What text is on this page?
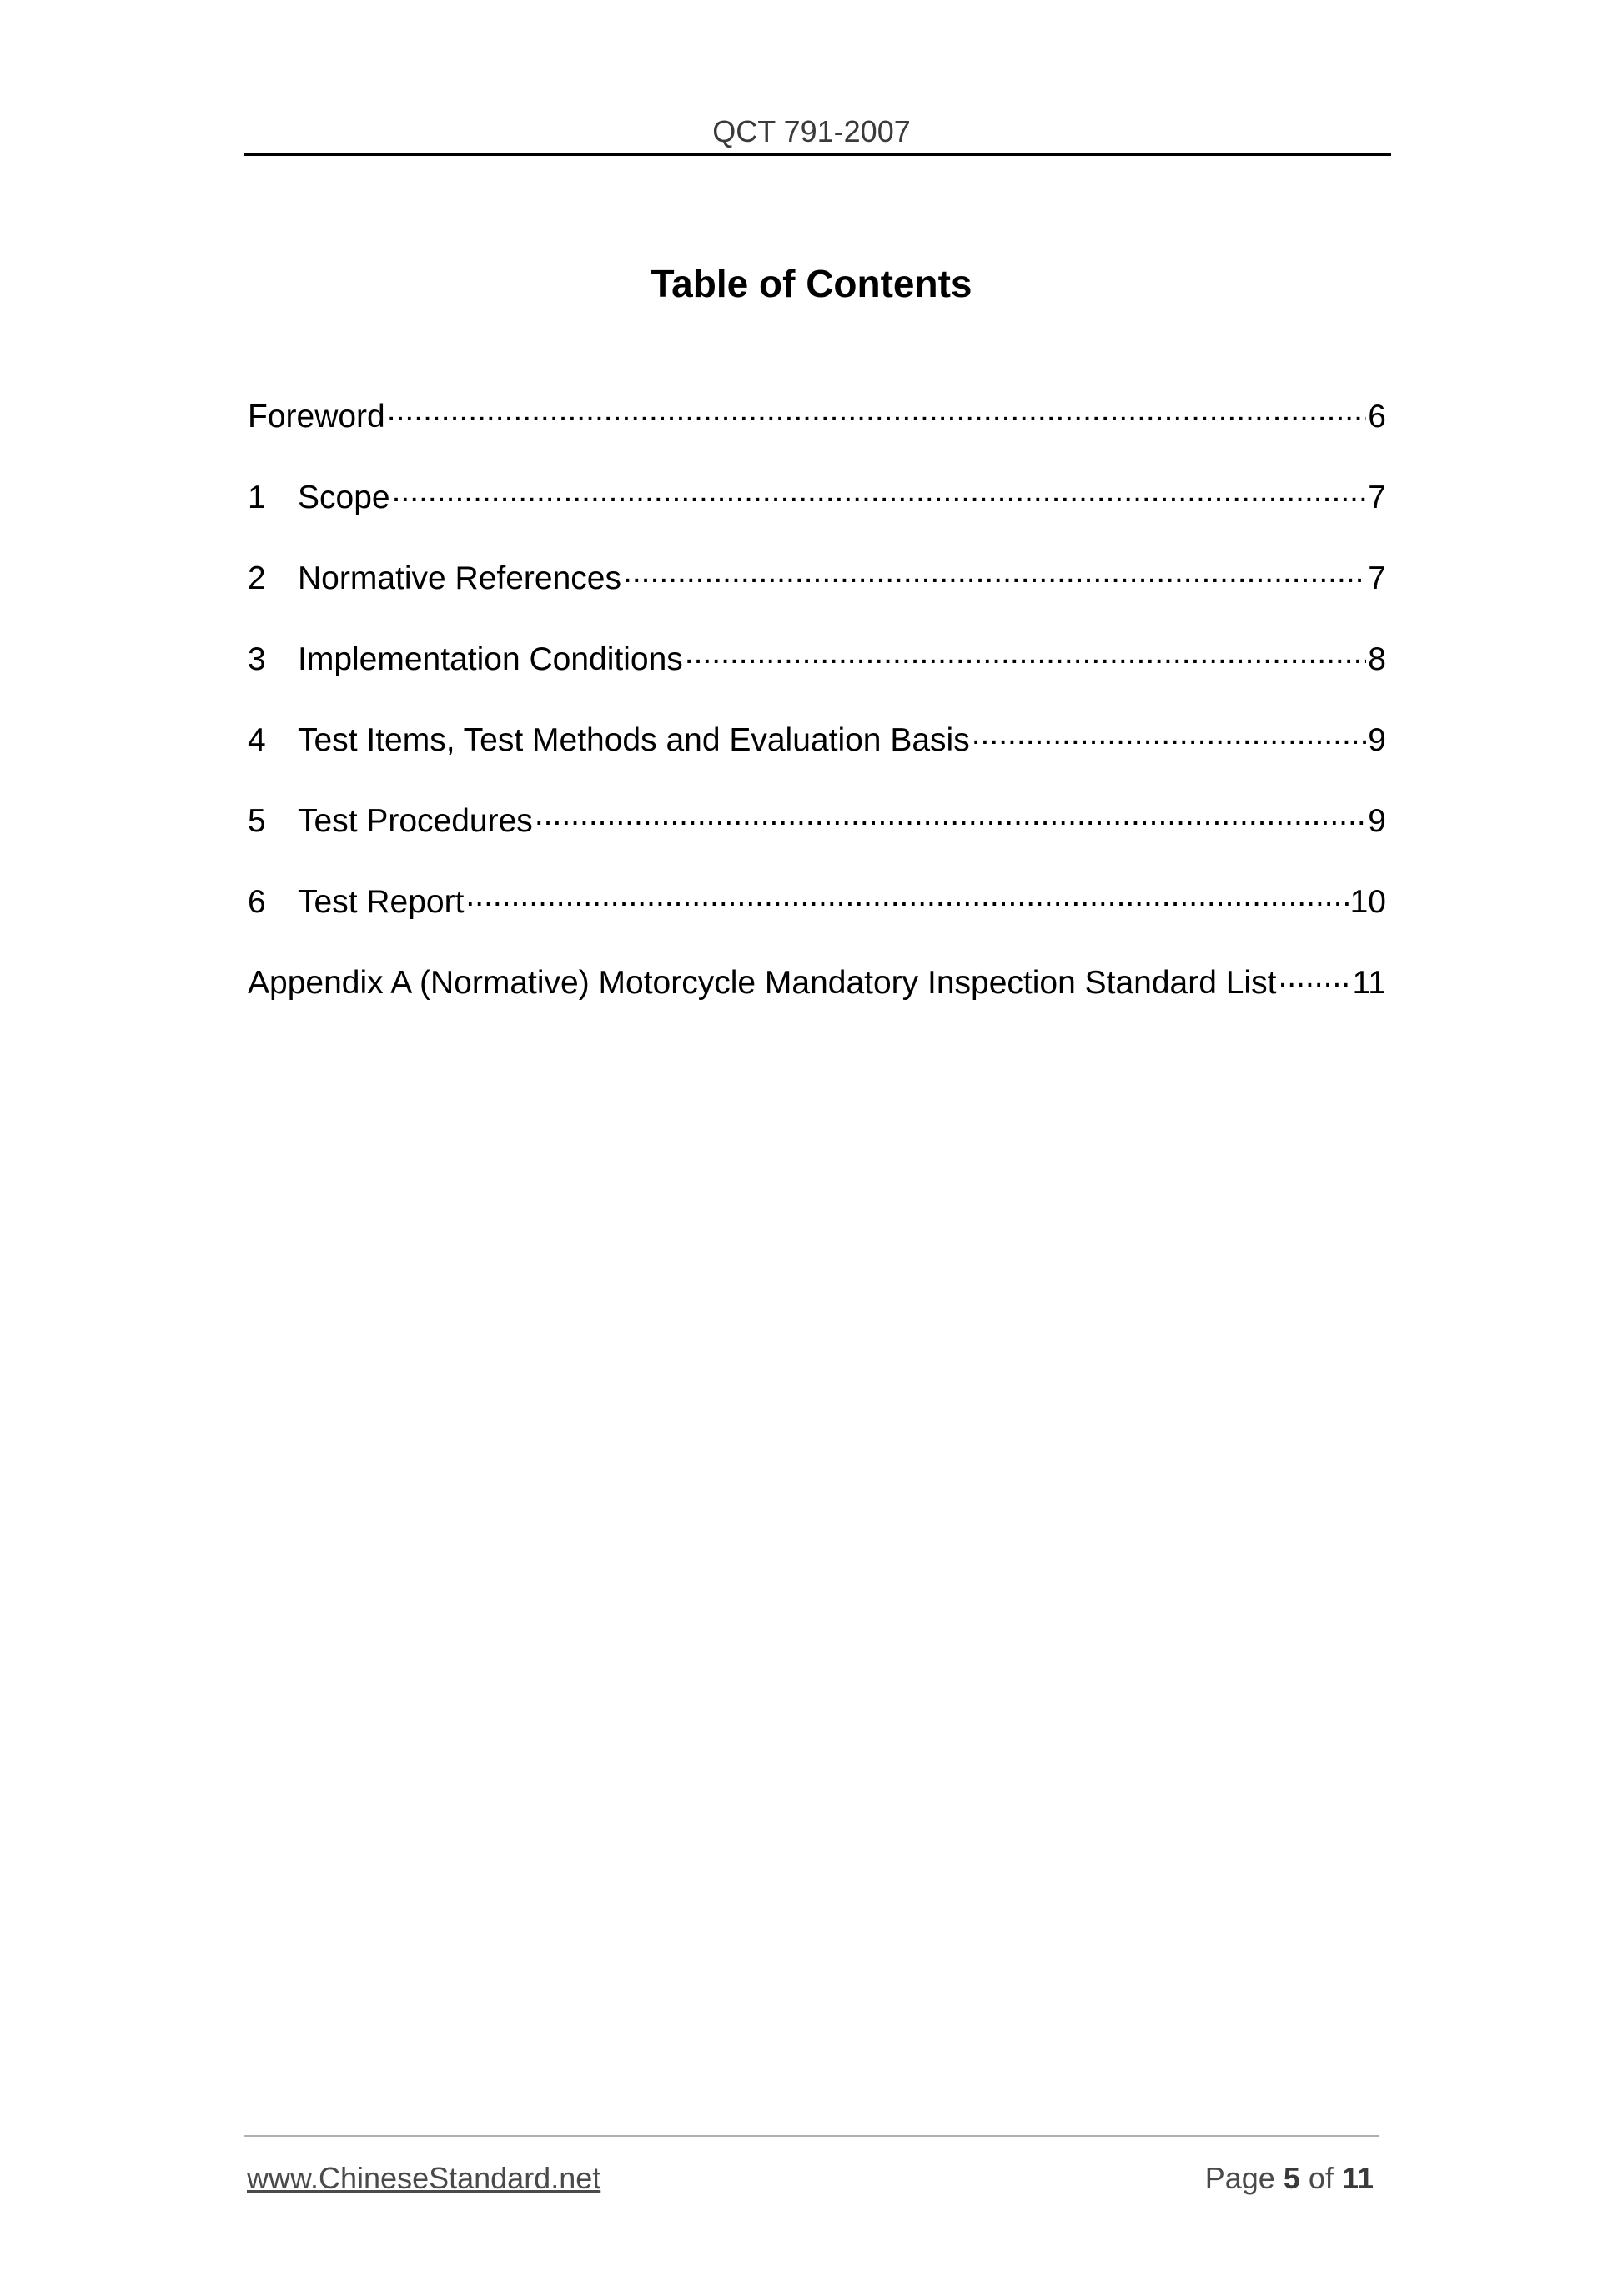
QCT 791-2007
Table of Contents
Foreword .....	6
1 Scope .....	7
2 Normative References .....	7
3 Implementation Conditions .....	8
4 Test Items, Test Methods and Evaluation Basis .....	9
5 Test Procedures .....	9
6 Test Report .....	10
Appendix A (Normative) Motorcycle Mandatory Inspection Standard List ..... 11
www.ChineseStandard.net	Page 5 of 11
